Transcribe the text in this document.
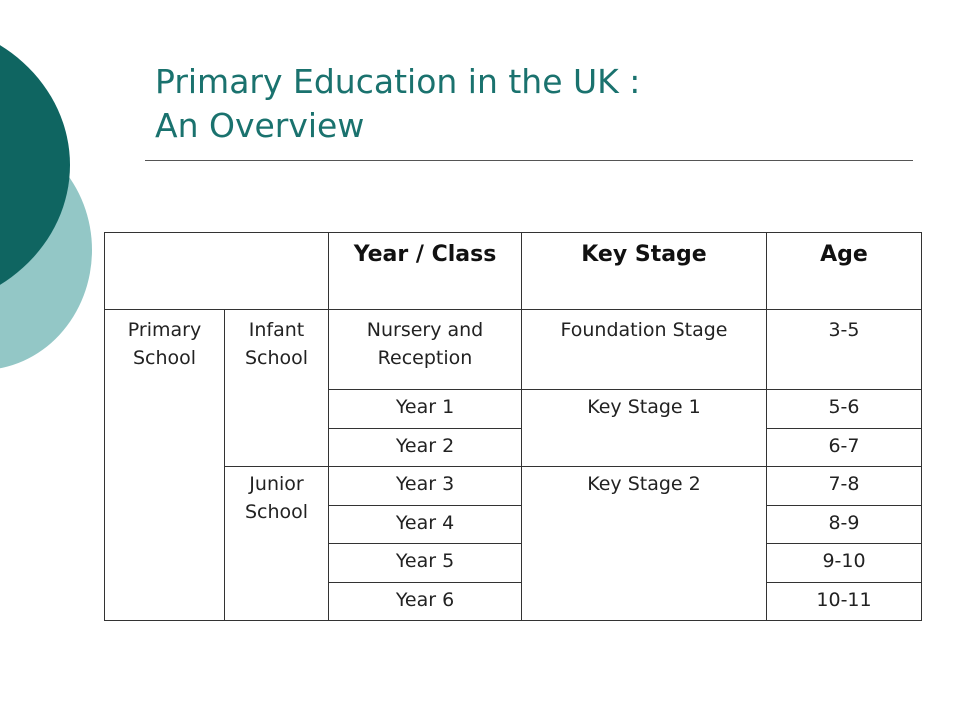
Primary Education in the UK :
An Overview
		Year / Class	Key Stage	Age
Primary School	Infant School	Nursery and Reception	Foundation Stage	3-5
		Year 1	Key Stage 1	5-6
		Year 2		6-7
	Junior School	Year 3	Key Stage 2	7-8
		Year 4		8-9
		Year 5		9-10
		Year 6		10-11
